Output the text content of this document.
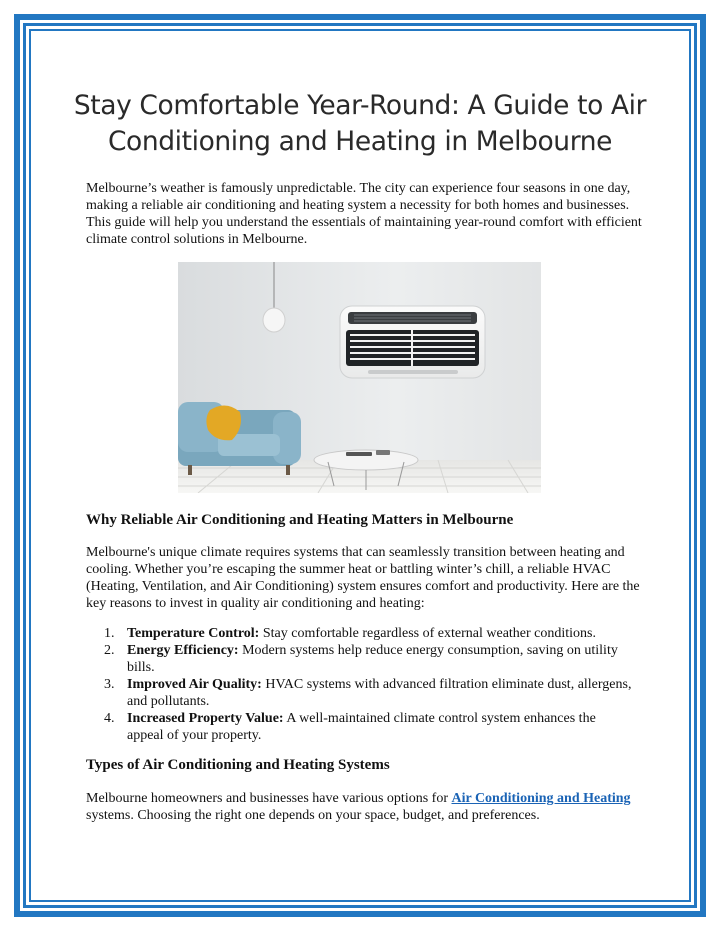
Stay Comfortable Year-Round: A Guide to Air Conditioning and Heating in Melbourne

Melbourne’s weather is famously unpredictable. The city can experience four seasons in one day, making a reliable air conditioning and heating system a necessity for both homes and businesses. This guide will help you understand the essentials of maintaining year-round comfort with efficient climate control solutions in Melbourne.

Why Reliable Air Conditioning and Heating Matters in Melbourne

Melbourne's unique climate requires systems that can seamlessly transition between heating and cooling. Whether you’re escaping the summer heat or battling winter’s chill, a reliable HVAC (Heating, Ventilation, and Air Conditioning) system ensures comfort and productivity. Here are the key reasons to invest in quality air conditioning and heating:

1. Temperature Control: Stay comfortable regardless of external weather conditions.
2. Energy Efficiency: Modern systems help reduce energy consumption, saving on utility bills.
3. Improved Air Quality: HVAC systems with advanced filtration eliminate dust, allergens, and pollutants.
4. Increased Property Value: A well-maintained climate control system enhances the appeal of your property.
Types of Air Conditioning and Heating Systems

Melbourne homeowners and businesses have various options for Air Conditioning and Heating systems. Choosing the right one depends on your space, budget, and preferences.
